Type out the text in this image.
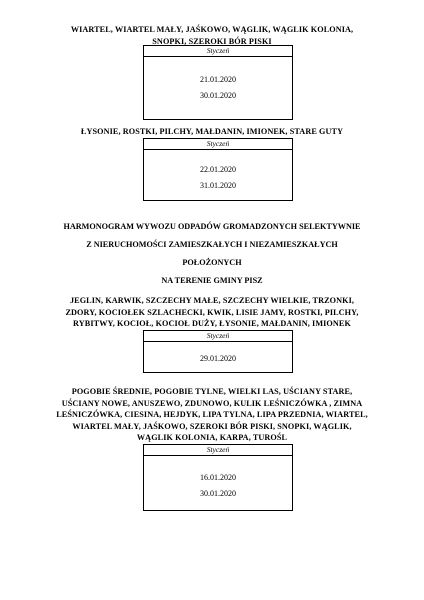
WIARTEL, WIARTEL MAŁY, JAŚKOWO, WĄGLIK, WĄGLIK KOLONIA,
SNOPKI, SZEROKI BÓR PISKI
Styczeń
21.01.2020
30.01.2020
ŁYSONIE, ROSTKI, PILCHY, MAŁDANIN, IMIONEK, STARE GUTY
Styczeń
22.01.2020
31.01.2020
HARMONOGRAM WYWOZU ODPADÓW GROMADZONYCH SELEKTYWNIE
Z NIERUCHOMOŚCI ZAMIESZKAŁYCH I NIEZAMIESZKAŁYCH
POŁOŻONYCH
NA TERENIE GMINY PISZ
JEGLIN, KARWIK, SZCZECHY MAŁE, SZCZECHY WIELKIE, TRZONKI,
ZDORY, KOCIOŁEK SZLACHECKI, KWIK, LISIE JAMY, ROSTKI, PILCHY,
RYBITWY, KOCIOŁ, KOCIOŁ DUŻY, ŁYSONIE, MAŁDANIN, IMIONEK
Styczeń
29.01.2020
POGOBIE ŚREDNIE, POGOBIE TYLNE, WIELKI LAS, UŚCIANY STARE,
UŚCIANY NOWE, ANUSZEWO, ZDUNOWO, KULIK LEŚNICZÓWKA , ZIMNA
LEŚNICZÓWKA, CIESINA, HEJDYK, LIPA TYLNA, LIPA PRZEDNIA, WIARTEL,
WIARTEL MAŁY, JAŚKOWO, SZEROKI BÓR PISKI, SNOPKI, WĄGLIK,
WĄGLIK KOLONIA, KARPA, TUROŚL
Styczeń
16.01.2020
30.01.2020
